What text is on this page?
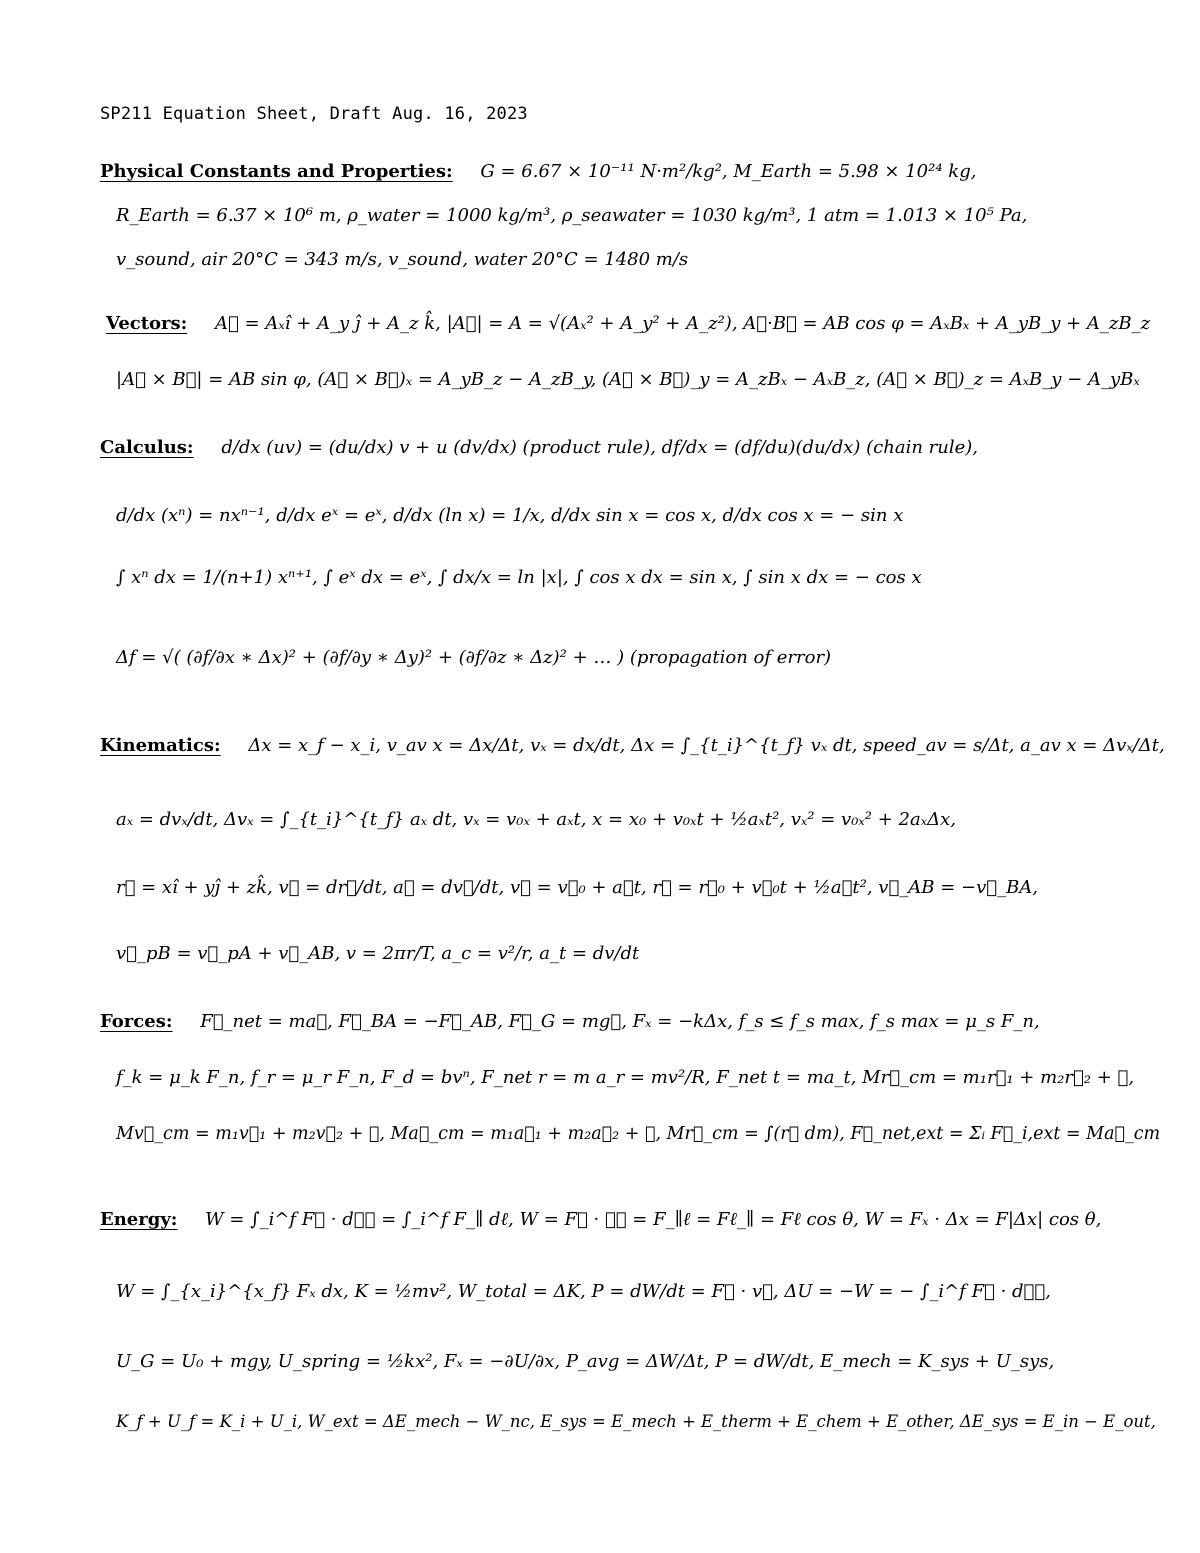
SP211 Equation Sheet, Draft Aug. 16, 2023
Physical Constants and Properties: G = 6.67 × 10⁻¹¹ N·m²/kg², M_Earth = 5.98 × 10²⁴ kg,
R_Earth = 6.37 × 10⁶ m, ρ_water = 1000 kg/m³, ρ_seawater = 1030 kg/m³, 1 atm = 1.013 × 10⁵ Pa,
v_sound, air 20°C = 343 m/s, v_sound, water 20°C = 1480 m/s
Vectors: A⃗ = Aₓî + A_y ĵ + A_z k̂, |A⃗| = A = √(Aₓ² + A_y² + A_z²), A⃗·B⃗ = AB cos φ = AₓBₓ + A_yB_y + A_zB_z
|A⃗ × B⃗| = AB sin φ, (A⃗ × B⃗)ₓ = A_yB_z − A_zB_y, (A⃗ × B⃗)_y = A_zBₓ − AₓB_z, (A⃗ × B⃗)_z = AₓB_y − A_yBₓ
Calculus: d/dx (uv) = (du/dx) v + u (dv/dx) (product rule), df/dx = (df/du)(du/dx) (chain rule),
d/dx (xⁿ) = nxⁿ⁻¹, d/dx eˣ = eˣ, d/dx (ln x) = 1/x, d/dx sin x = cos x, d/dx cos x = − sin x
∫ xⁿ dx = 1/(n+1) xⁿ⁺¹, ∫ eˣ dx = eˣ, ∫ dx/x = ln |x|, ∫ cos x dx = sin x, ∫ sin x dx = − cos x
Δf = √( (∂f/∂x ∗ Δx)² + (∂f/∂y ∗ Δy)² + (∂f/∂z ∗ Δz)² + … ) (propagation of error)
Kinematics: Δx = x_f − x_i, v_av x = Δx/Δt, vₓ = dx/dt, Δx = ∫_{t_i}^{t_f} vₓ dt, speed_av = s/Δt, a_av x = Δvₓ/Δt,
aₓ = dvₓ/dt, Δvₓ = ∫_{t_i}^{t_f} aₓ dt, vₓ = v₀ₓ + aₓt, x = x₀ + v₀ₓt + ½aₓt², vₓ² = v₀ₓ² + 2aₓΔx,
r⃗ = xî + yĵ + zk̂, v⃗ = dr⃗/dt, a⃗ = dv⃗/dt, v⃗ = v⃗₀ + a⃗t, r⃗ = r⃗₀ + v⃗₀t + ½a⃗t², v⃗_AB = −v⃗_BA,
v⃗_pB = v⃗_pA + v⃗_AB, v = 2πr/T, a_c = v²/r, a_t = dv/dt
Forces: F⃗_net = ma⃗, F⃗_BA = −F⃗_AB, F⃗_G = mg⃗, Fₓ = −kΔx, f_s ≤ f_s max, f_s max = μ_s F_n,
f_k = μ_k F_n, f_r = μ_r F_n, F_d = bvⁿ, F_net r = m a_r = mv²/R, F_net t = ma_t, Mr⃗_cm = m₁r⃗₁ + m₂r⃗₂ + ⋯,
Mv⃗_cm = m₁v⃗₁ + m₂v⃗₂ + ⋯, Ma⃗_cm = m₁a⃗₁ + m₂a⃗₂ + ⋯, Mr⃗_cm = ∫(r⃗ dm), F⃗_net,ext = Σᵢ F⃗_i,ext = Ma⃗_cm
Energy: W = ∫_i^f F⃗ · dℓ⃗ = ∫_i^f F_∥ dℓ, W = F⃗ · ℓ⃗ = F_∥ℓ = Fℓ_∥ = Fℓ cos θ, W = Fₓ · Δx = F|Δx| cos θ,
W = ∫_{x_i}^{x_f} Fₓ dx, K = ½mv², W_total = ΔK, P = dW/dt = F⃗ · v⃗, ΔU = −W = − ∫_i^f F⃗ · dℓ⃗,
U_G = U₀ + mgy, U_spring = ½kx², Fₓ = −∂U/∂x, P_avg = ΔW/Δt, P = dW/dt, E_mech = K_sys + U_sys,
K_f + U_f = K_i + U_i, W_ext = ΔE_mech − W_nc, E_sys = E_mech + E_therm + E_chem + E_other, ΔE_sys = E_in − E_out,
